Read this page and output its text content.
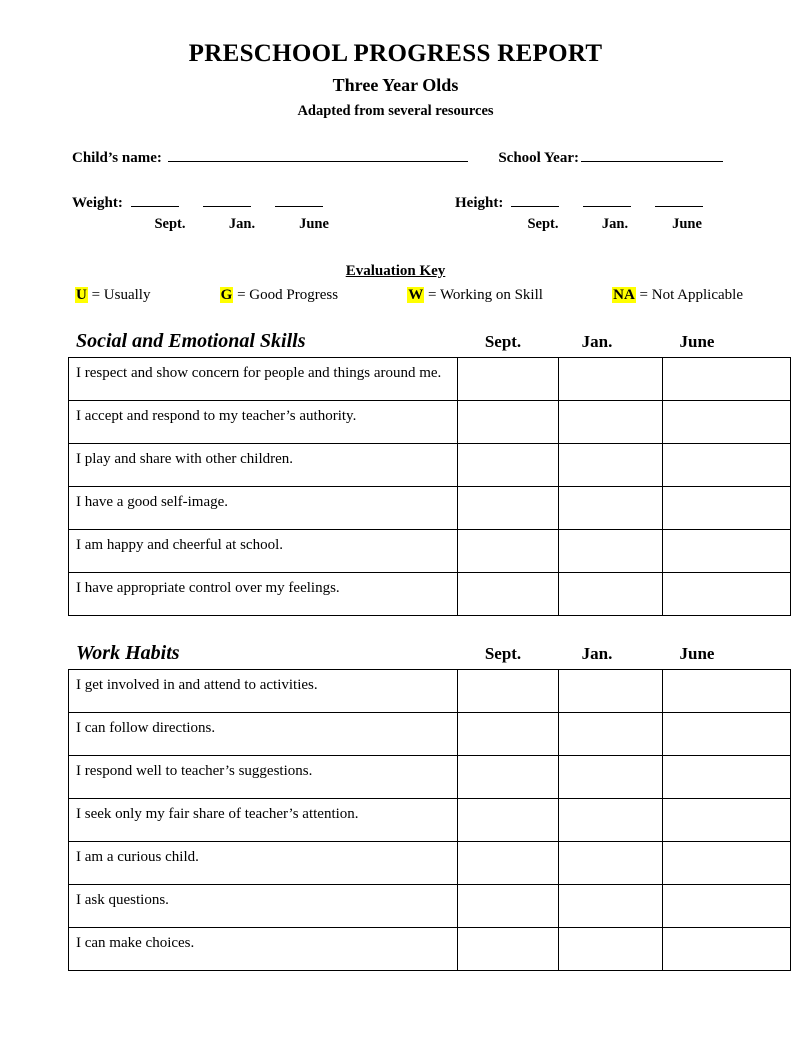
PRESCHOOL PROGRESS REPORT
Three Year Olds
Adapted from several resources
Child’s name:	School Year:
Weight:
Sept.	Jan.	June
Height:
Sept.	Jan.	June
Evaluation Key
U = Usually	G = Good Progress	W = Working on Skill	NA = Not Applicable
Social and Emotional Skills	Sept.	Jan.	June
I respect and show concern for people and things around me.			
I accept and respond to my teacher’s authority.			
I play and share with other children.			
I have a good self-image.			
I am happy and cheerful at school.			
I have appropriate control over my feelings.			
Work Habits	Sept.	Jan.	June
I get involved in and attend to activities.			
I can follow directions.			
I respond well to teacher’s suggestions.			
I seek only my fair share of teacher’s attention.			
I am a curious child.			
I ask questions.			
I can make choices.			
